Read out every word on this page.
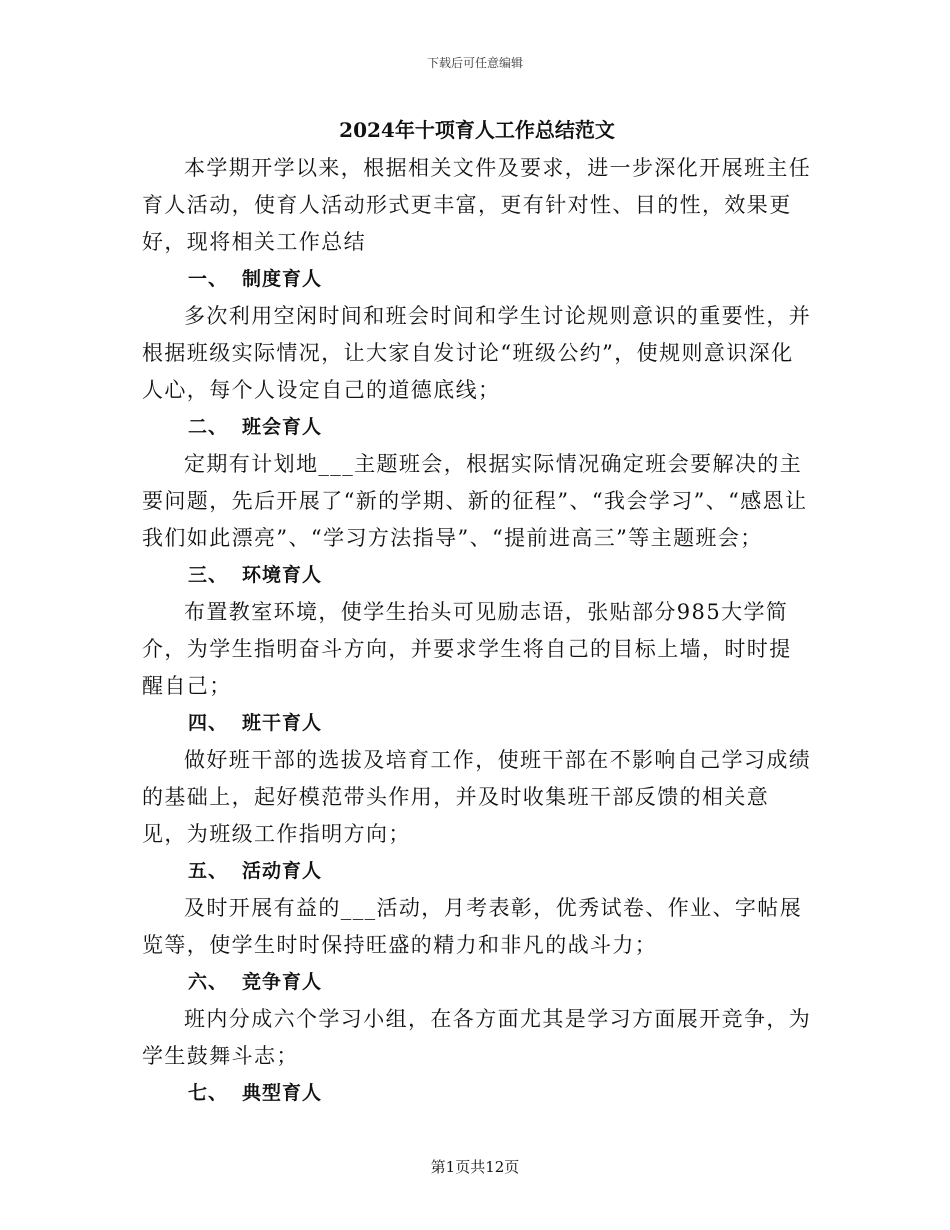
下载后可任意编辑
2024年十项育人工作总结范文

本学期开学以来，根据相关文件及要求，进一步深化开展班主任育人活动，使育人活动形式更丰富，更有针对性、目的性，效果更好，现将相关工作总结

一、 制度育人

多次利用空闲时间和班会时间和学生讨论规则意识的重要性，并根据班级实际情况，让大家自发讨论“班级公约”，使规则意识深化人心，每个人设定自己的道德底线；

二、 班会育人

定期有计划地___主题班会，根据实际情况确定班会要解决的主要问题，先后开展了“新的学期、新的征程”、“我会学习”、“感恩让我们如此漂亮”、“学习方法指导”、“提前进高三”等主题班会；

三、 环境育人

布置教室环境，使学生抬头可见励志语，张贴部分985大学简介，为学生指明奋斗方向，并要求学生将自己的目标上墙，时时提醒自己；

四、 班干育人

做好班干部的选拔及培育工作，使班干部在不影响自己学习成绩的基础上，起好模范带头作用，并及时收集班干部反馈的相关意见，为班级工作指明方向；

五、 活动育人

及时开展有益的___活动，月考表彰，优秀试卷、作业、字帖展览等，使学生时时保持旺盛的精力和非凡的战斗力；

六、 竞争育人

班内分成六个学习小组，在各方面尤其是学习方面展开竞争，为学生鼓舞斗志；

七、 典型育人
第1页共12页
